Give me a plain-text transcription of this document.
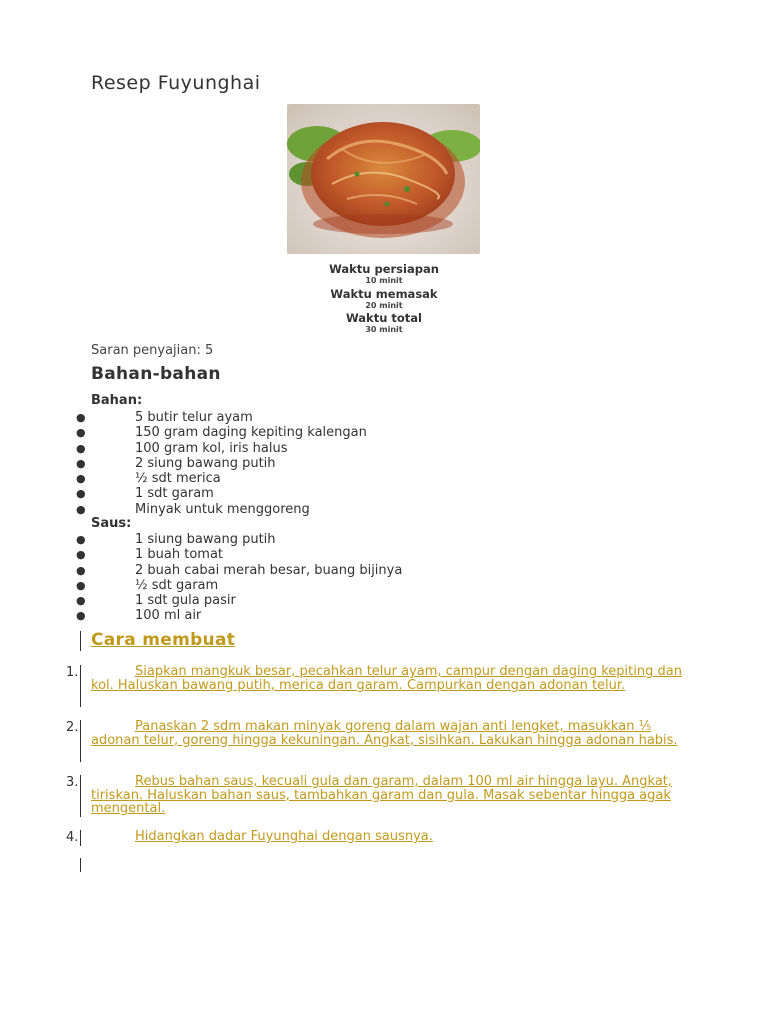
Resep Fuyunghai
Waktu persiapan
10 minit
Waktu memasak
20 minit
Waktu total
30 minit
Saran penyajian: 5
Bahan-bahan
Bahan:
●	5 butir telur ayam
●	150 gram daging kepiting kalengan
●	100 gram kol, iris halus
●	2 siung bawang putih
●	½ sdt merica
●	1 sdt garam
●	Minyak untuk menggoreng
Saus:
●	1 siung bawang putih
●	1 buah tomat
●	2 buah cabai merah besar, buang bijinya
●	½ sdt garam
●	1 sdt gula pasir
●	100 ml air
Cara membuat
1.	Siapkan mangkuk besar, pecahkan telur ayam, campur dengan daging kepiting dan kol. Haluskan bawang putih, merica dan garam. Campurkan dengan adonan telur.
2.	Panaskan 2 sdm makan minyak goreng dalam wajan anti lengket, masukkan ⅕ adonan telur, goreng hingga kekuningan. Angkat, sisihkan. Lakukan hingga adonan habis.
3.	Rebus bahan saus, kecuali gula dan garam, dalam 100 ml air hingga layu. Angkat, tiriskan. Haluskan bahan saus, tambahkan garam dan gula. Masak sebentar hingga agak mengental.
4.	Hidangkan dadar Fuyunghai dengan sausnya.
